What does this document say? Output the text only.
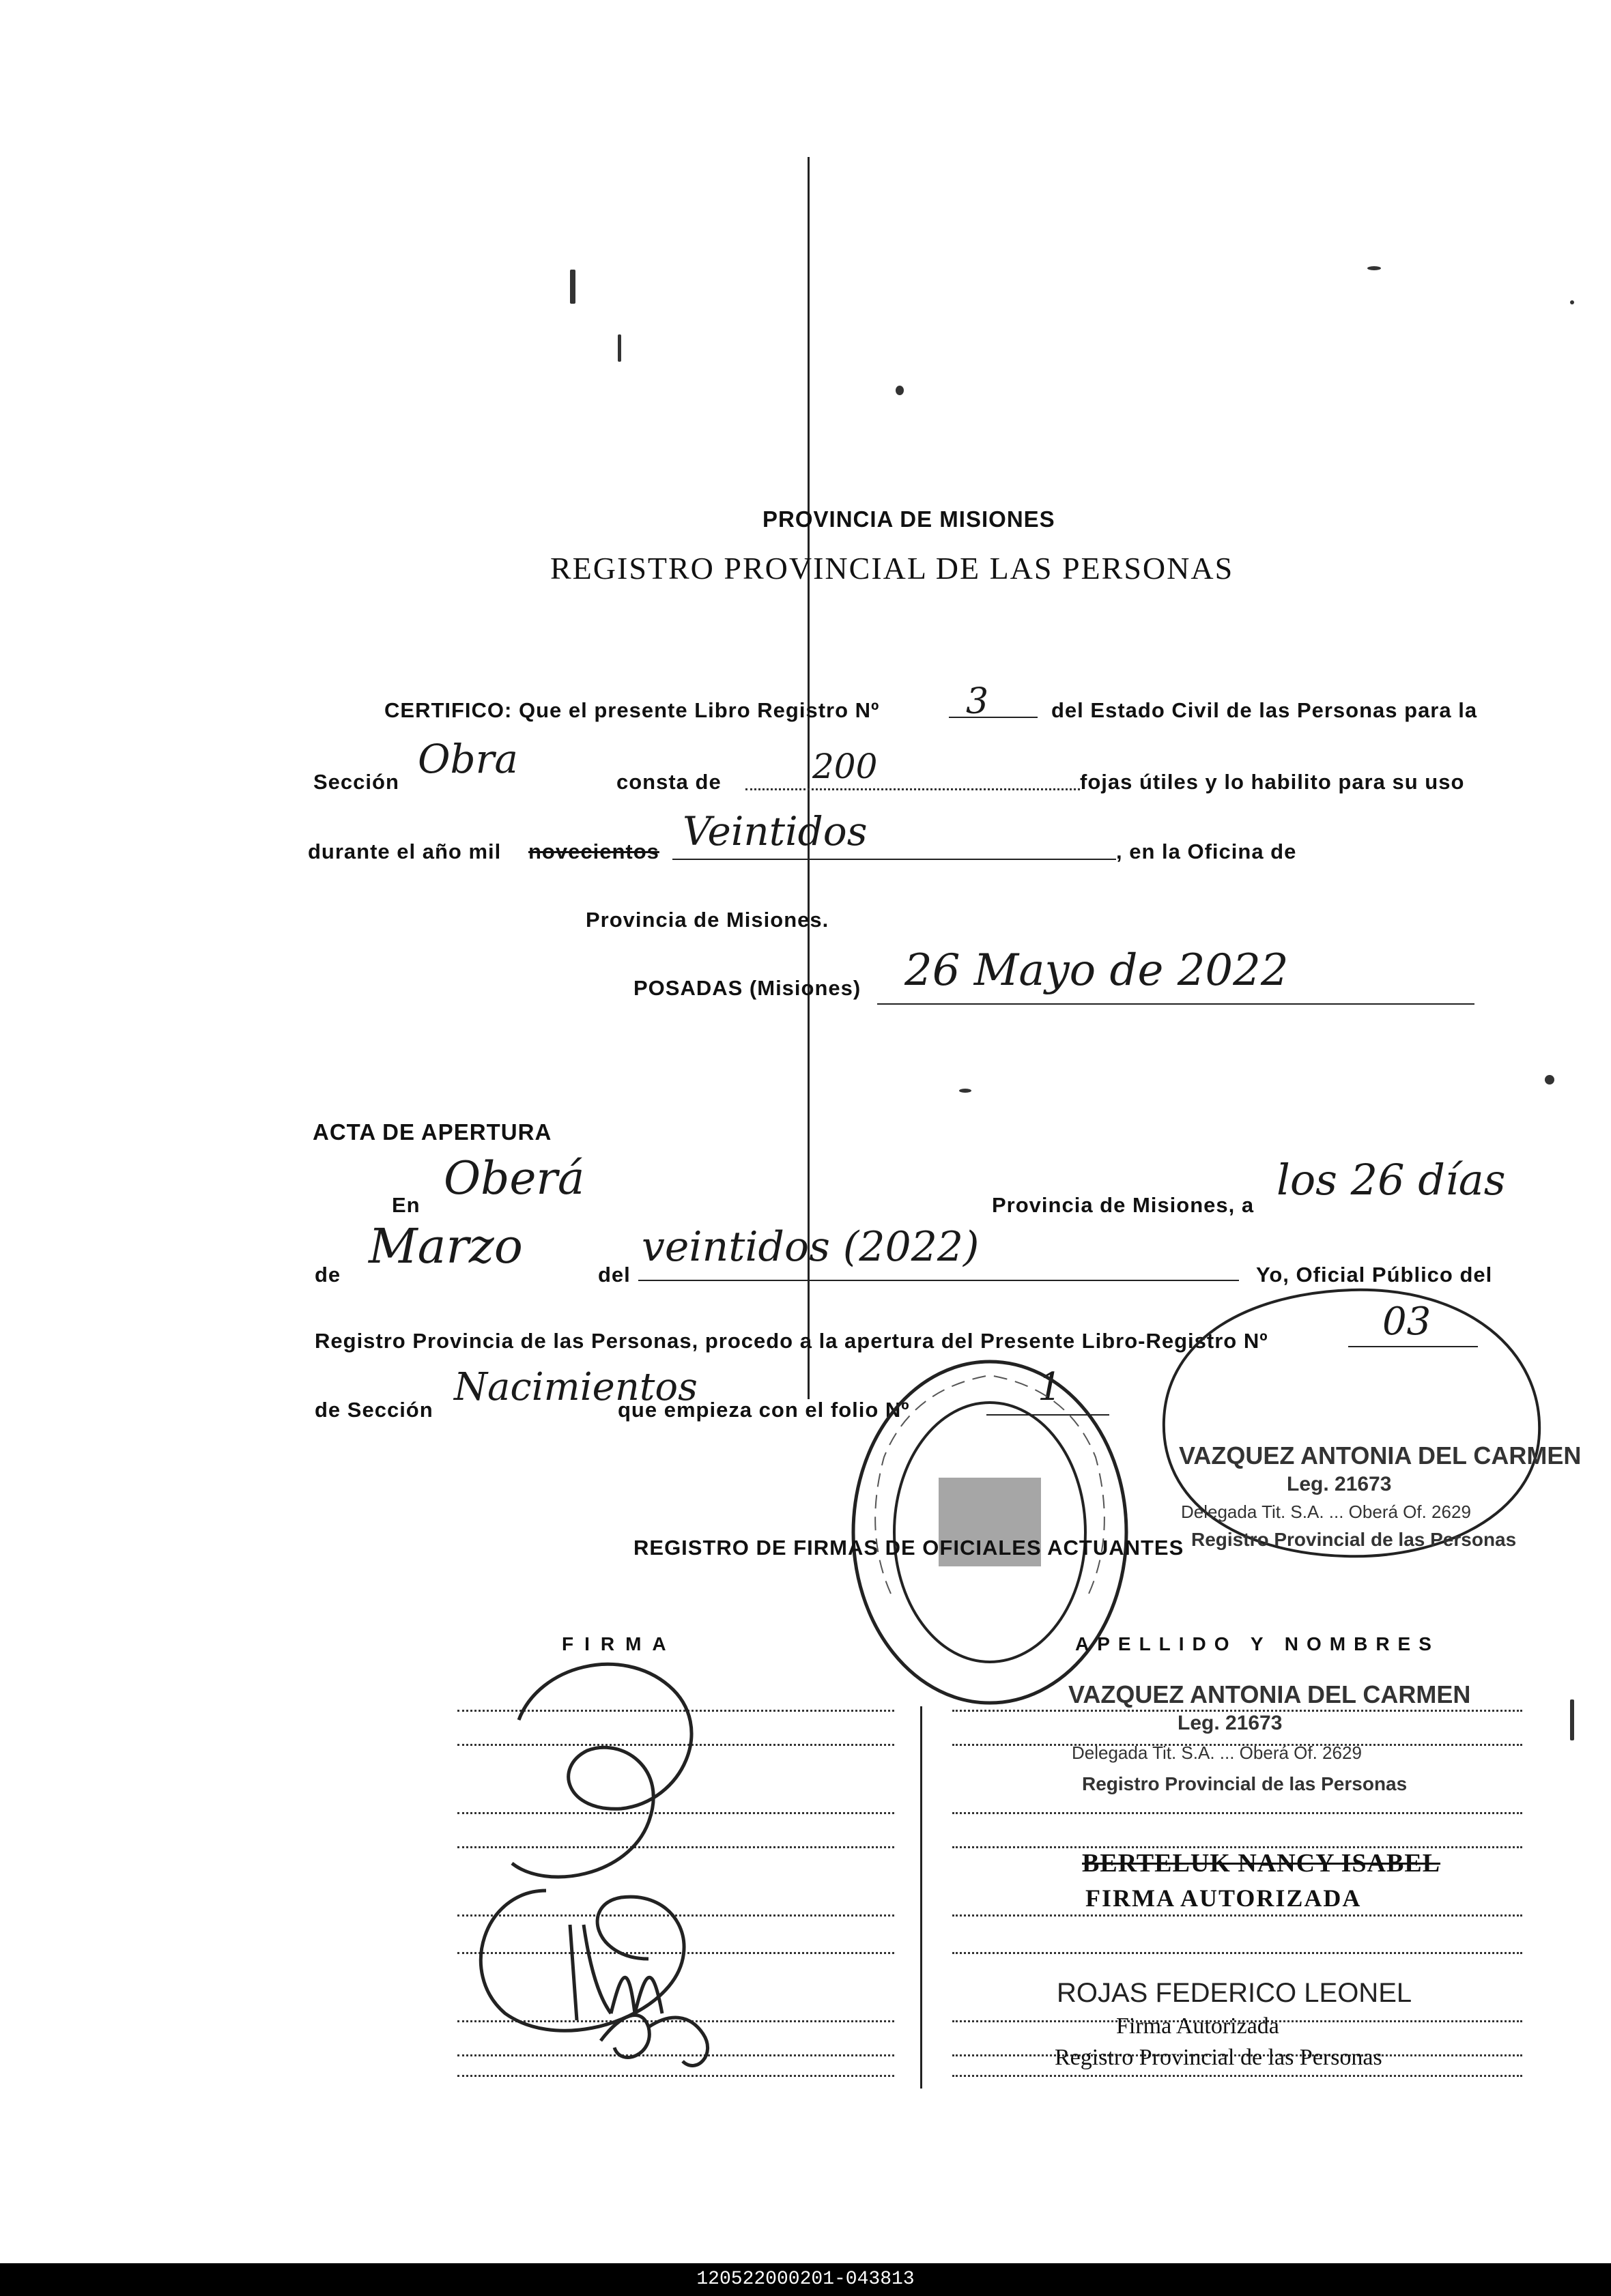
PROVINCIA DE MISIONES
REGISTRO PROVINCIAL DE LAS PERSONAS
CERTIFICO: Que el presente Libro Registro Nº 3	del Estado Civil de las Personas para la
Sección Obra	consta de	200	fojas útiles y lo habilito para su uso
durante el año mil novecientos Veintidos	, en la Oficina de
Provincia de Misiones.
POSADAS (Misiones) 26 Mayo de 2022
ACTA DE APERTURA
En
Oberá
Provincia de Misiones, a
los 26 días
de
Marzo
del
veintidos (2022)
Yo, Oficial Público del
Registro Provincia de las Personas, procedo a la apertura del Presente Libro-Registro Nº	03
de Sección
Nacimientos
que empieza con el folio Nº
1
VAZQUEZ ANTONIA DEL CARMEN
Leg. 21673
Delegada Tit. S.A. ... Oberá Of. 2629
Registro Provincial de las Personas
REGISTRO DE FIRMAS DE OFICIALES ACTUANTES
FIRMA	APELLIDO Y NOMBRES
VAZQUEZ ANTONIA DEL CARMEN
Leg. 21673
Delegada Tit. S.A. ... Oberá Of. 2629
Registro Provincial de las Personas
BERTELUK NANCY ISABEL
FIRMA AUTORIZADA
ROJAS FEDERICO LEONEL
Firma Autorizada
Registro Provincial de las Personas
120522000201-043813
